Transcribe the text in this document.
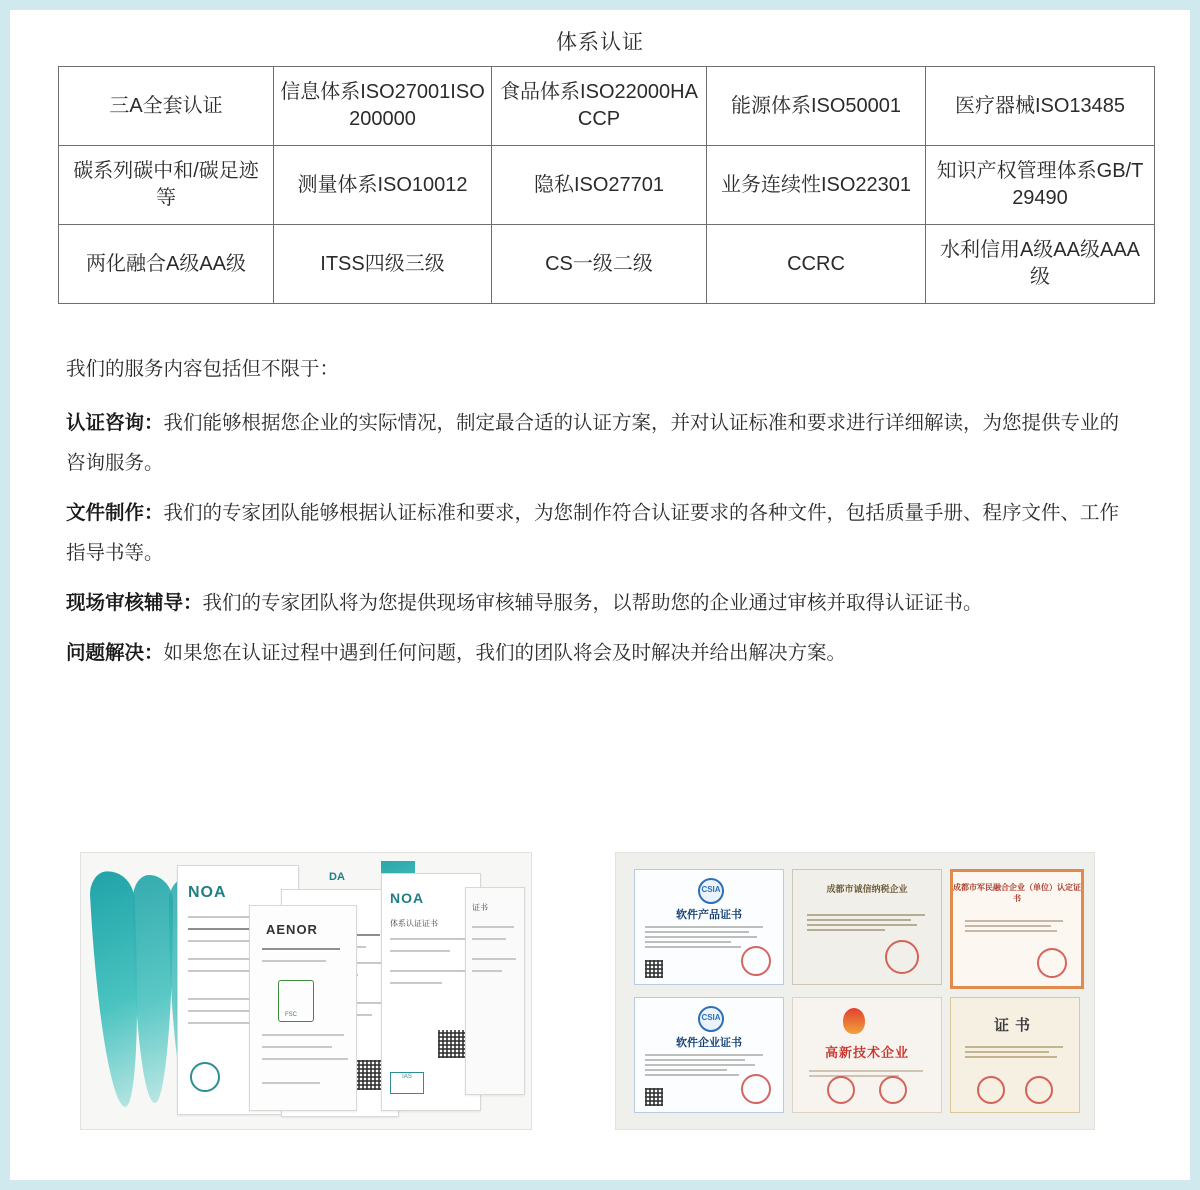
体系认证
三A全套认证	信息体系ISO27001ISO200000	食品体系ISO22000HACCP	能源体系ISO50001	医疗器械ISO13485
碳系列碳中和/碳足迹等	测量体系ISO10012	隐私ISO27701	业务连续性ISO22301	知识产权管理体系GB/T29490
两化融合A级AA级	ITSS四级三级	CS一级二级	CCRC	水利信用A级AA级AAA级

我们的服务内容包括但不限于：

认证咨询：我们能够根据您企业的实际情况，制定最合适的认证方案，并对认证标准和要求进行详细解读，为您提供专业的咨询服务。

文件制作：我们的专家团队能够根据认证标准和要求，为您制作符合认证要求的各种文件，包括质量手册、程序文件、工作指导书等。

现场审核辅导：我们的专家团队将为您提供现场审核辅导服务，以帮助您的企业通过审核并取得认证证书。

问题解决：如果您在认证过程中遇到任何问题，我们的团队将会及时解决并给出解决方案。

NOA
AENOR
FSC
NOA
体系认证证书
IAS
证书
DA
CSIA
软件产品证书
成都市诚信纳税企业	成都市军民融合企业（单位）认定证书
CSIA
软件企业证书
高新技术企业
证书
